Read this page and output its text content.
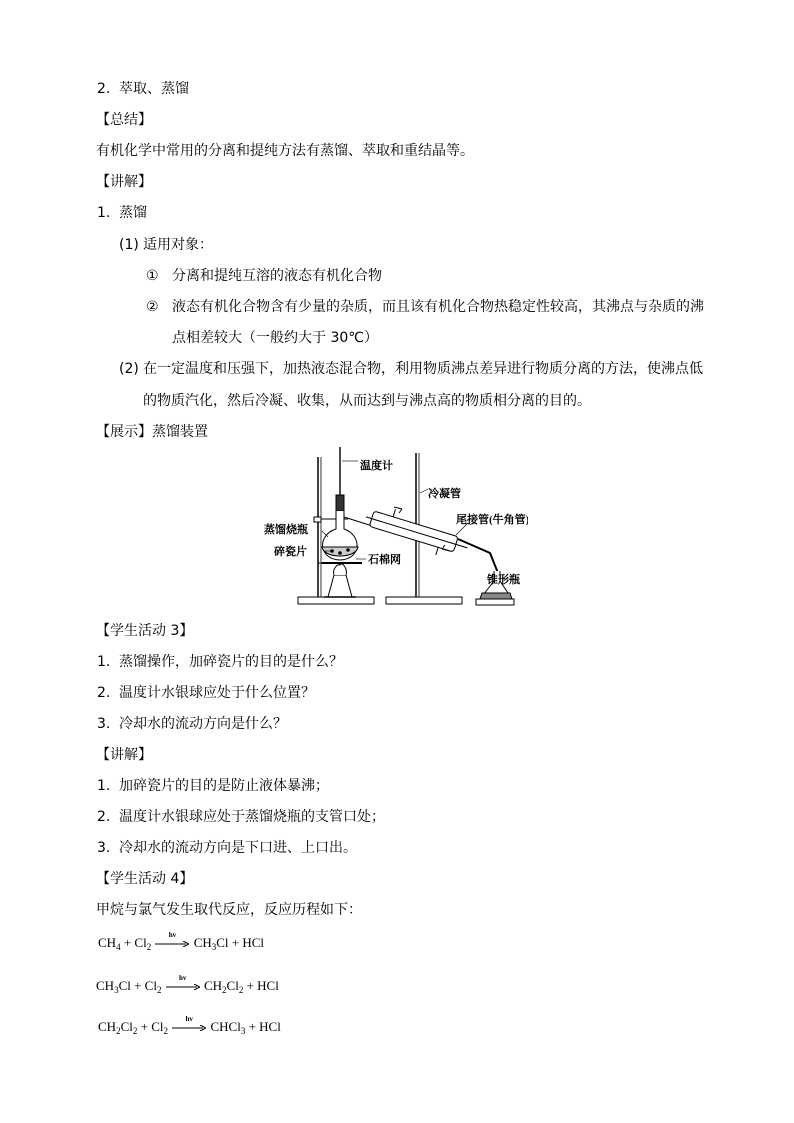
2. 萃取、蒸馏
【总结】
有机化学中常用的分离和提纯方法有蒸馏、萃取和重结晶等。
【讲解】
1. 蒸馏
(1) 适用对象：
① 分离和提纯互溶的液态有机化合物
② 液态有机化合物含有少量的杂质，而且该有机化合物热稳定性较高，其沸点与杂质的沸
点相差较大（一般约大于 30℃）
(2) 在一定温度和压强下，加热液态混合物，利用物质沸点差异进行物质分离的方法，使沸点低
的物质汽化，然后冷凝、收集，从而达到与沸点高的物质相分离的目的。
【展示】蒸馏装置
温度计
冷凝管
尾接管(牛角管)
蒸馏烧瓶
碎瓷片
石棉网
锥形瓶
【学生活动 3】
1. 蒸馏操作，加碎瓷片的目的是什么？
2. 温度计水银球应处于什么位置？
3. 冷却水的流动方向是什么？
【讲解】
1. 加碎瓷片的目的是防止液体暴沸；
2. 温度计水银球应处于蒸馏烧瓶的支管口处；
3. 冷却水的流动方向是下口进、上口出。
【学生活动 4】
甲烷与氯气发生取代反应，反应历程如下：
$CH_4 + Cl_2$
hv	$CH_3Cl$ + HCl
$CH_3Cl + Cl_2$
hv	$CH_2Cl_2$ + HCl
$CH_2Cl_2 + Cl_2$
hv	CHCl$_3$ + HCl
